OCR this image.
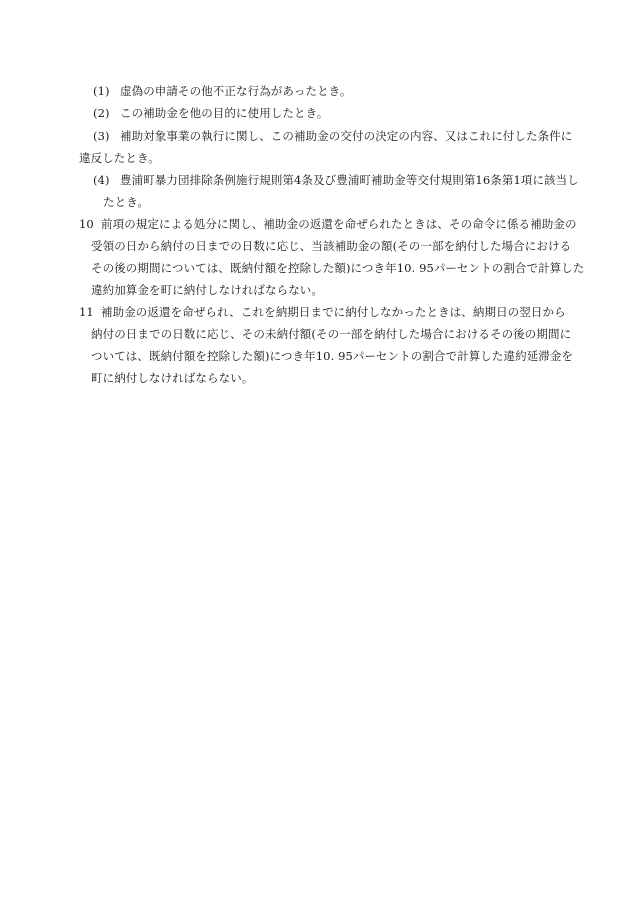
(1) 虚偽の申請その他不正な行為があったとき。
(2) この補助金を他の目的に使用したとき。
(3) 補助対象事業の執行に関し、この補助金の交付の決定の内容、又はこれに付した条件に
違反したとき。
(4) 豊浦町暴力団排除条例施行規則第4条及び豊浦町補助金等交付規則第16条第1項に該当し
たとき。
10 前項の規定による処分に関し、補助金の返還を命ぜられたときは、その命令に係る補助金の
受領の日から納付の日までの日数に応じ、当該補助金の額(その一部を納付した場合における
その後の期間については、既納付額を控除した額)につき年10. 95パーセントの割合で計算した
違約加算金を町に納付しなければならない。
11 補助金の返還を命ぜられ、これを納期日までに納付しなかったときは、納期日の翌日から
納付の日までの日数に応じ、その未納付額(その一部を納付した場合におけるその後の期間に
ついては、既納付額を控除した額)につき年10. 95パーセントの割合で計算した違約延滞金を
町に納付しなければならない。
